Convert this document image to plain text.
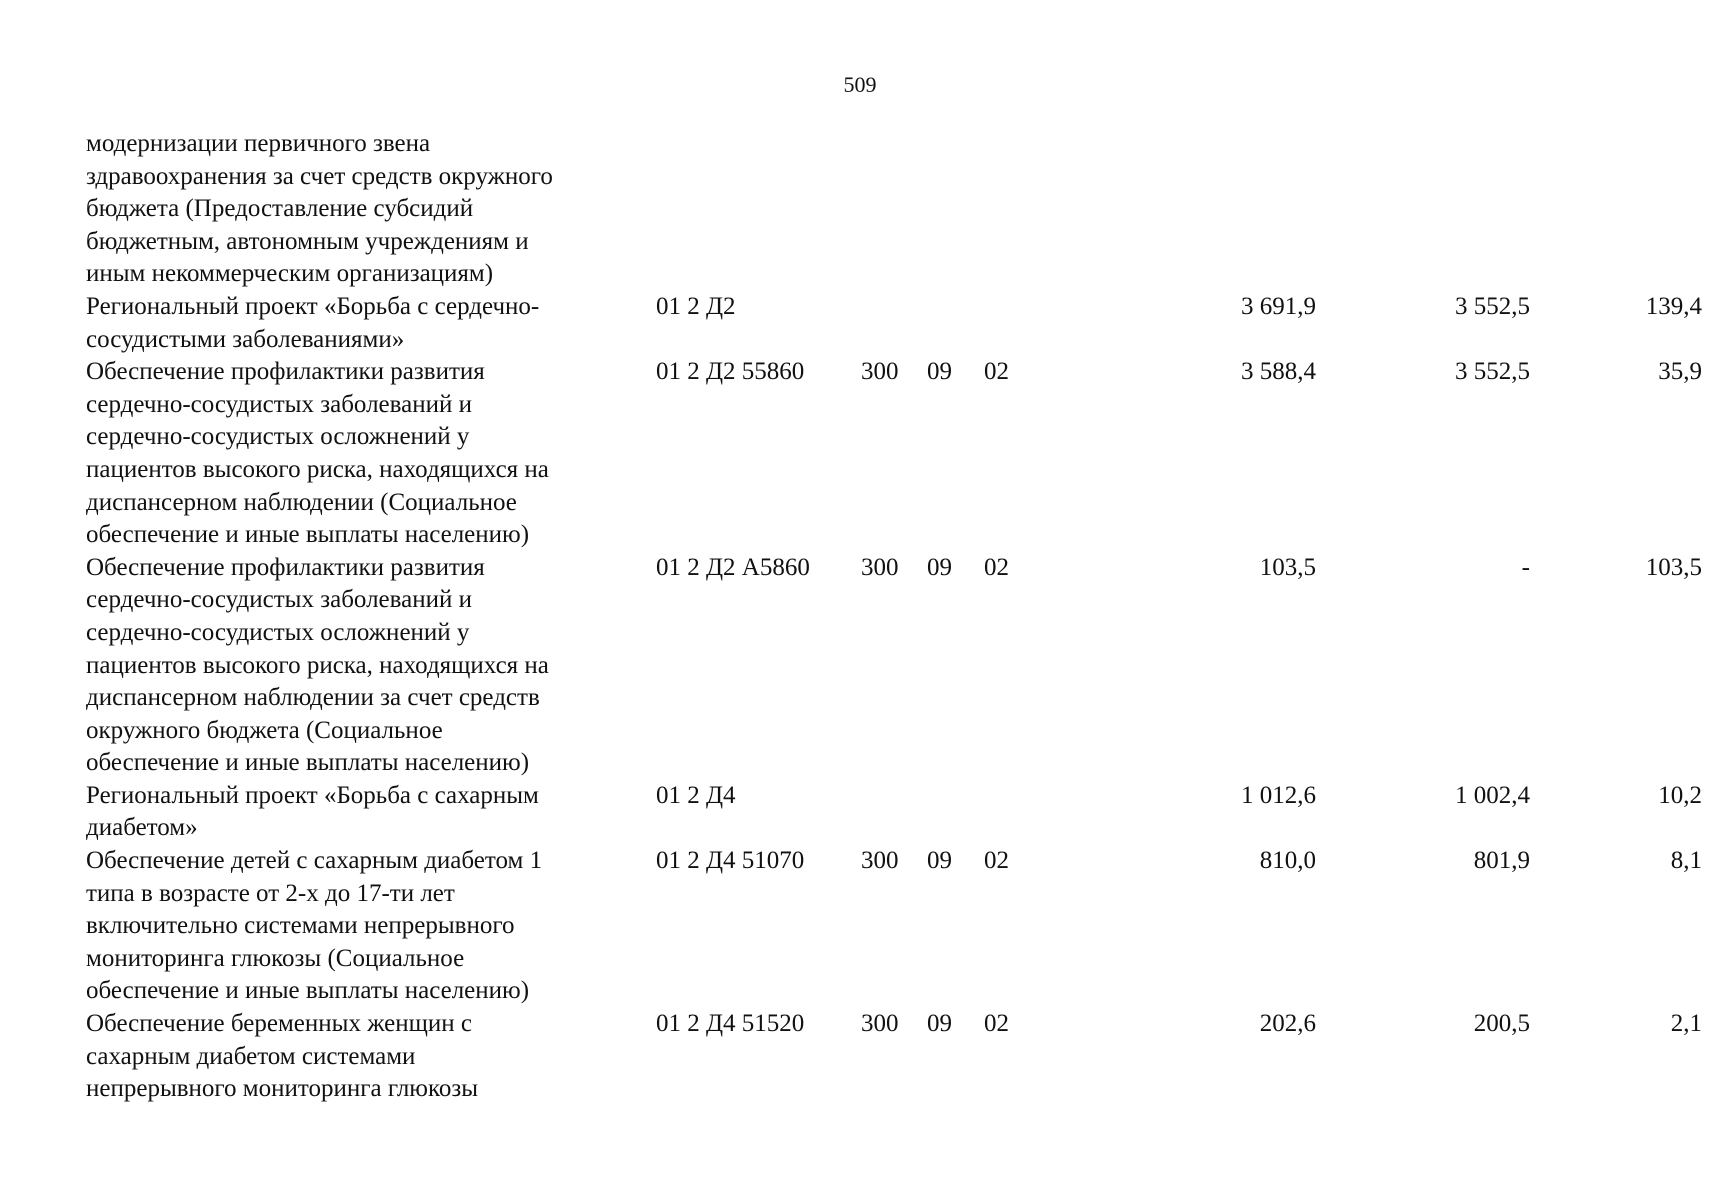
509
модернизации первичного звена
здравоохранения за счет средств окружного
бюджета (Предоставление субсидий
бюджетным, автономным учреждениям и
иным некоммерческим организациям)
Региональный проект «Борьба с сердечно-
сосудистыми заболеваниями»
01 2 Д2	3 691,9	3 552,5	139,4
Обеспечение профилактики развития
сердечно-сосудистых заболеваний и
сердечно-сосудистых осложнений у
пациентов высокого риска, находящихся на
диспансерном наблюдении (Социальное
обеспечение и иные выплаты населению)
01 2 Д2 55860 300 09 02	3 588,4	3 552,5	35,9
Обеспечение профилактики развития
сердечно-сосудистых заболеваний и
сердечно-сосудистых осложнений у
пациентов высокого риска, находящихся на
диспансерном наблюдении за счет средств
окружного бюджета (Социальное
обеспечение и иные выплаты населению)
01 2 Д2 А5860 300 09 02	103,5	-	103,5
Региональный проект «Борьба с сахарным
диабетом»
01 2 Д4	1 012,6	1 002,4	10,2
Обеспечение детей с сахарным диабетом 1
типа в возрасте от 2-х до 17-ти лет
включительно системами непрерывного
мониторинга глюкозы (Социальное
обеспечение и иные выплаты населению)
01 2 Д4 51070 300 09 02	810,0	801,9	8,1
Обеспечение беременных женщин с
сахарным диабетом системами
непрерывного мониторинга глюкозы
01 2 Д4 51520 300 09 02	202,6	200,5	2,1
